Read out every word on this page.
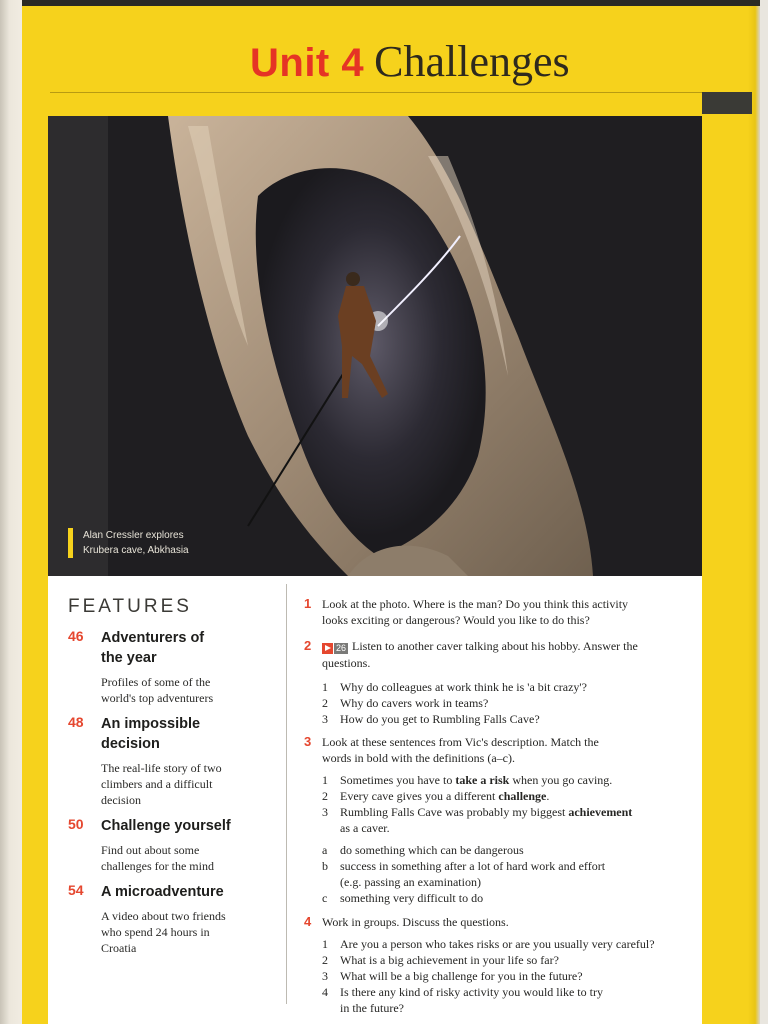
Unit 4 Challenges
Alan Cressler explores
Krubera cave, Abkhasia
FEATURES
46 Adventurers of
the year
Profiles of some of the
world's top adventurers
48 An impossible
decision
The real-life story of two
climbers and a difficult
decision
50 Challenge yourself
Find out about some
challenges for the mind
54 A microadventure
A video about two friends
who spend 24 hours in
Croatia
1 Look at the photo. Where is the man? Do you think this activity
looks exciting or dangerous? Would you like to do this?
2	26 Listen to another caver talking about his hobby. Answer the
questions.
1 Why do colleagues at work think he is 'a bit crazy'?
2 Why do cavers work in teams?
3 How do you get to Rumbling Falls Cave?
3 Look at these sentences from Vic's description. Match the
words in bold with the definitions (a–c).
1 Sometimes you have to take a risk when you go caving.
2 Every cave gives you a different challenge.
3 Rumbling Falls Cave was probably my biggest achievement
as a caver.
a do something which can be dangerous
b success in something after a lot of hard work and effort
(e.g. passing an examination)
c something very difficult to do
4 Work in groups. Discuss the questions.
1 Are you a person who takes risks or are you usually very careful?
2 What is a big achievement in your life so far?
3 What will be a big challenge for you in the future?
4 Is there any kind of risky activity you would like to try
in the future?
